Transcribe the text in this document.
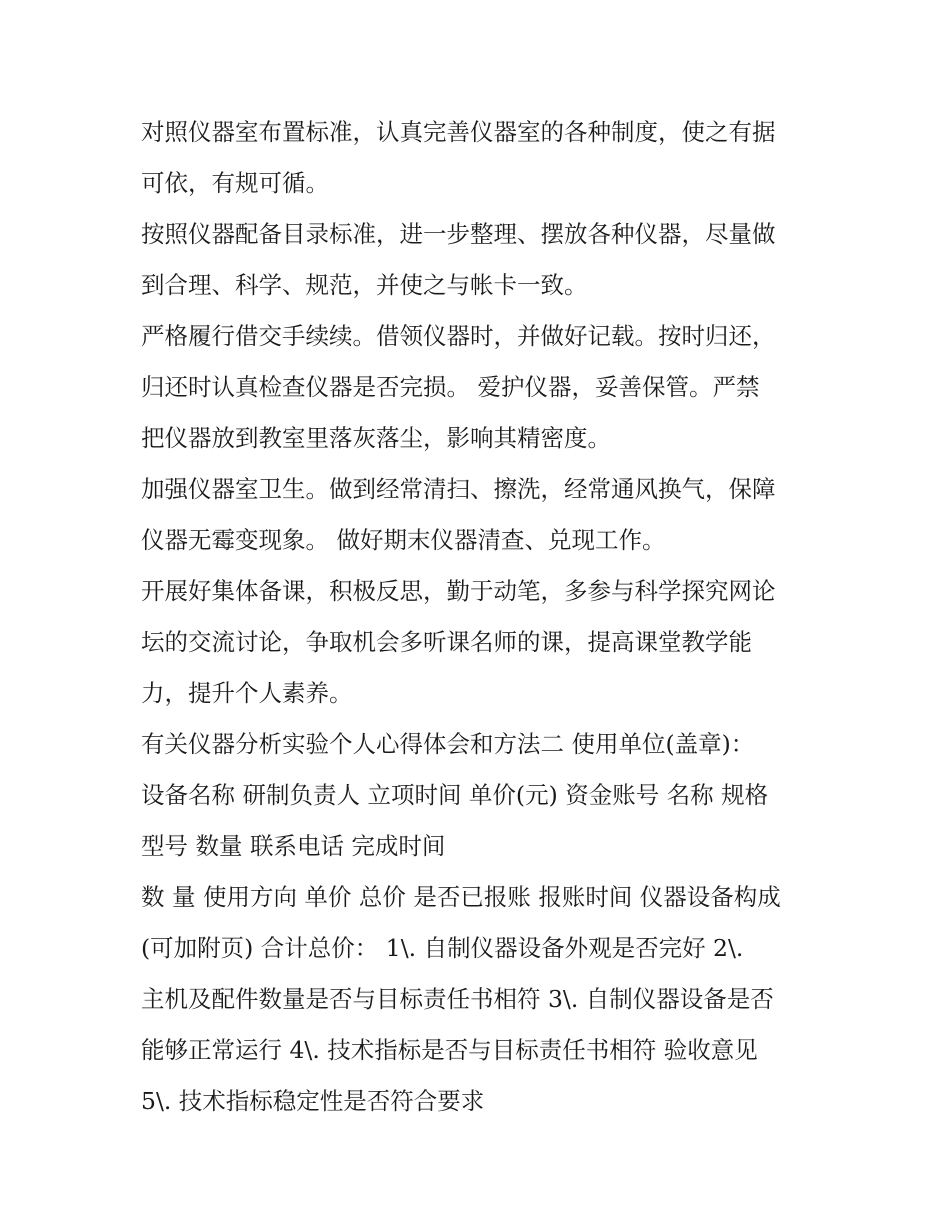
对照仪器室布置标准，认真完善仪器室的各种制度，使之有据
可依，有规可循。
按照仪器配备目录标准，进一步整理、摆放各种仪器，尽量做
到合理、科学、规范，并使之与帐卡一致。
严格履行借交手续续。借领仪器时，并做好记载。按时归还，
归还时认真检查仪器是否完损。 爱护仪器，妥善保管。严禁
把仪器放到教室里落灰落尘，影响其精密度。
加强仪器室卫生。做到经常清扫、擦洗，经常通风换气，保障
仪器无霉变现象。 做好期末仪器清查、兑现工作。
开展好集体备课，积极反思，勤于动笔，多参与科学探究网论
坛的交流讨论，争取机会多听课名师的课，提高课堂教学能
力，提升个人素养。
有关仪器分析实验个人心得体会和方法二 使用单位(盖章)：
设备名称 研制负责人 立项时间 单价(元) 资金账号 名称 规格
型号 数量 联系电话 完成时间
数 量 使用方向 单价 总价 是否已报账 报账时间 仪器设备构成
(可加附页) 合计总价： 1\. 自制仪器设备外观是否完好 2\.
主机及配件数量是否与目标责任书相符 3\. 自制仪器设备是否
能够正常运行 4\. 技术指标是否与目标责任书相符 验收意见
5\. 技术指标稳定性是否符合要求
